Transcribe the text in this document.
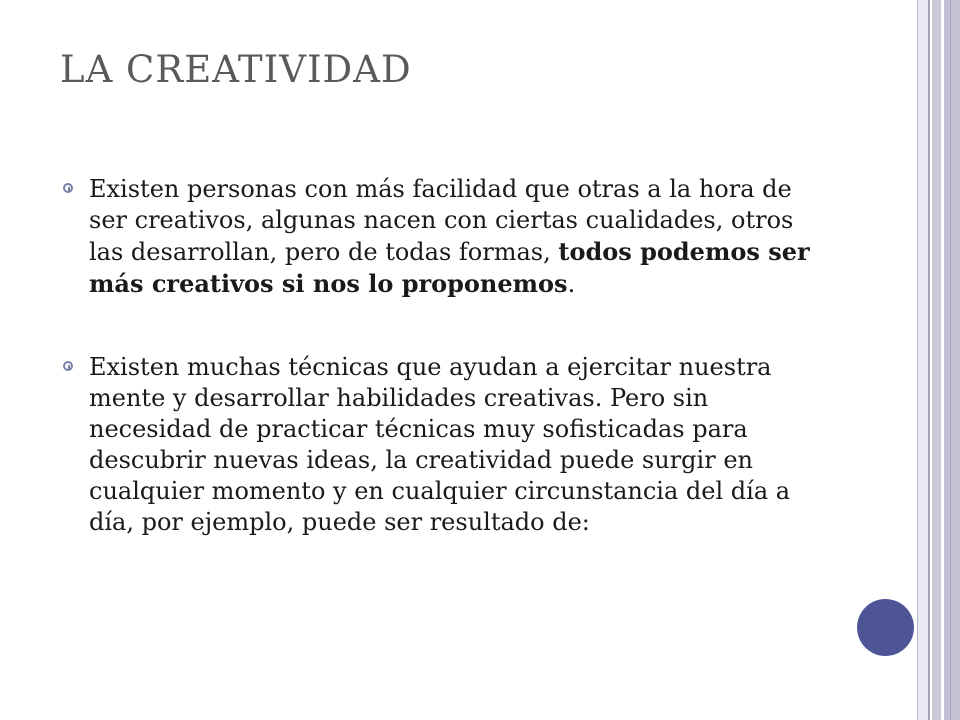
LA CREATIVIDAD
Existen personas con más facilidad que otras a la hora de ser creativos, algunas nacen con ciertas cualidades, otros las desarrollan, pero de todas formas, todos podemos ser más creativos si nos lo proponemos.
Existen muchas técnicas que ayudan a ejercitar nuestra mente y desarrollar habilidades creativas. Pero sin necesidad de practicar técnicas muy sofisticadas para descubrir nuevas ideas, la creatividad puede surgir en cualquier momento y en cualquier circunstancia del día a día, por ejemplo, puede ser resultado de:
